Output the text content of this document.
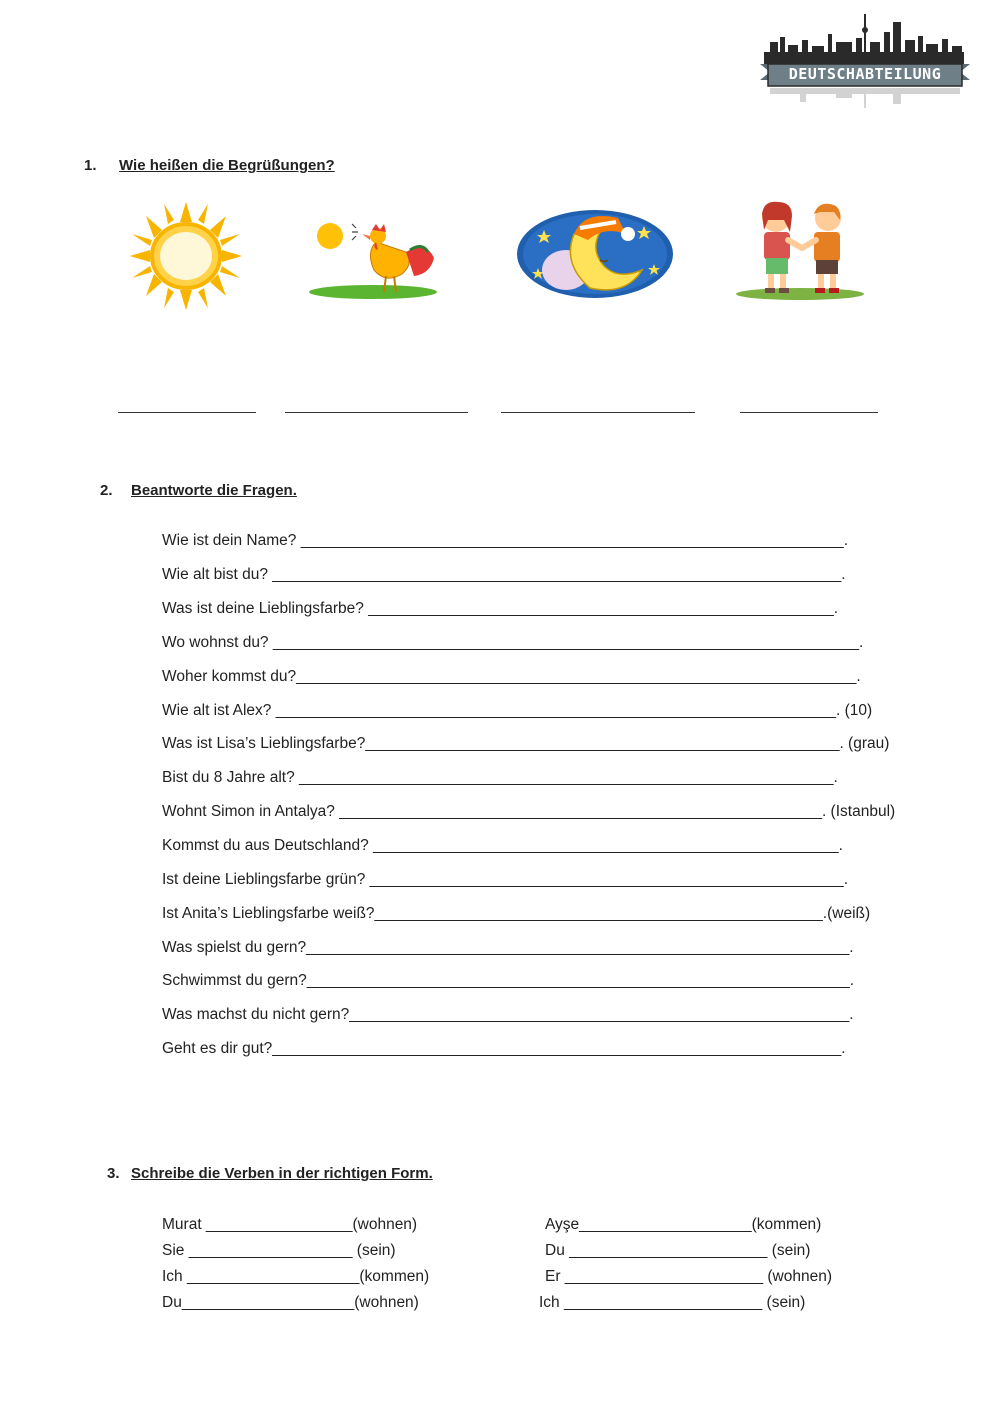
DEUTSCHABTEILUNG
1. Wie heißen die Begrüßungen?
2. Beantworte die Fragen.
Wie ist dein Name? _______________________________________________________________.
Wie alt bist du? __________________________________________________________________.
Was ist deine Lieblingsfarbe? ______________________________________________________.
Wo wohnst du? ____________________________________________________________________.
Woher kommst du?_________________________________________________________________.
Wie alt ist Alex? _________________________________________________________________. (10)
Was ist Lisa’s Lieblingsfarbe?_______________________________________________________. (grau)
Bist du 8 Jahre alt? ______________________________________________________________.
Wohnt Simon in Antalya? ________________________________________________________. (Istanbul)
Kommst du aus Deutschland? ______________________________________________________.
Ist deine Lieblingsfarbe grün? _______________________________________________________.
Ist Anita’s Lieblingsfarbe weiß?____________________________________________________.(weiß)
Was spielst du gern?_______________________________________________________________.
Schwimmst du gern?_______________________________________________________________.
Was machst du nicht gern?__________________________________________________________.
Geht es dir gut?__________________________________________________________________.
3. Schreibe die Verben in der richtigen Form.
Murat _________________(wohnen)
Sie ___________________ (sein)
Ich ____________________(kommen)
Du____________________(wohnen)
Ayşe____________________(kommen)
Du _______________________ (sein)
Er _______________________ (wohnen)
Ich _______________________ (sein)
